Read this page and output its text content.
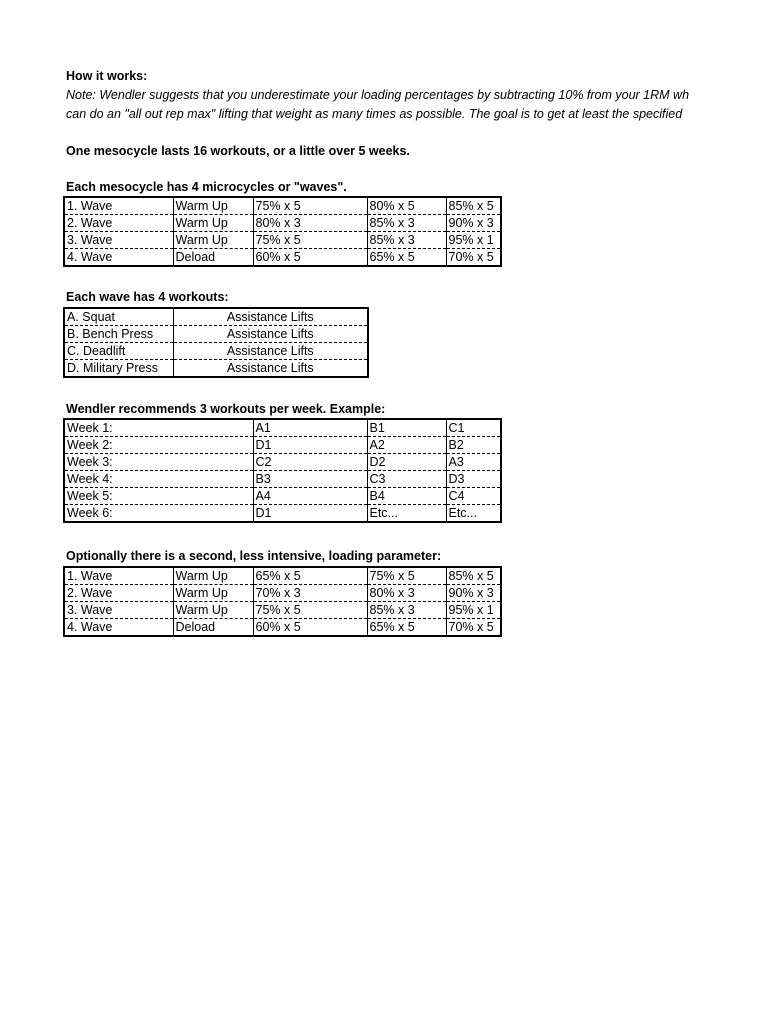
How it works:
Note: Wendler suggests that you underestimate your loading percentages by subtracting 10% from your 1RM wh
can do an "all out rep max" lifting that weight as many times as possible. The goal is to get at least the specified
One mesocycle lasts 16 workouts, or a little over 5 weeks.
Each mesocycle has 4 microcycles or "waves".
1. Wave	Warm Up	75% x 5	80% x 5	85% x 5
2. Wave	Warm Up	80% x 3	85% x 3	90% x 3
3. Wave	Warm Up	75% x 5	85% x 3	95% x 1
4. Wave	Deload	60% x 5	65% x 5	70% x 5
Each wave has 4 workouts:
A. Squat	Assistance Lifts
B. Bench Press	Assistance Lifts
C. Deadlift	Assistance Lifts
D. Military Press	Assistance Lifts
Wendler recommends 3 workouts per week. Example:
Week 1:	A1	B1	C1
Week 2:	D1	A2	B2
Week 3:	C2	D2	A3
Week 4:	B3	C3	D3
Week 5:	A4	B4	C4
Week 6:	D1	Etc...	Etc...
Optionally there is a second, less intensive, loading parameter:
1. Wave	Warm Up	65% x 5	75% x 5	85% x 5
2. Wave	Warm Up	70% x 3	80% x 3	90% x 3
3. Wave	Warm Up	75% x 5	85% x 3	95% x 1
4. Wave	Deload	60% x 5	65% x 5	70% x 5
